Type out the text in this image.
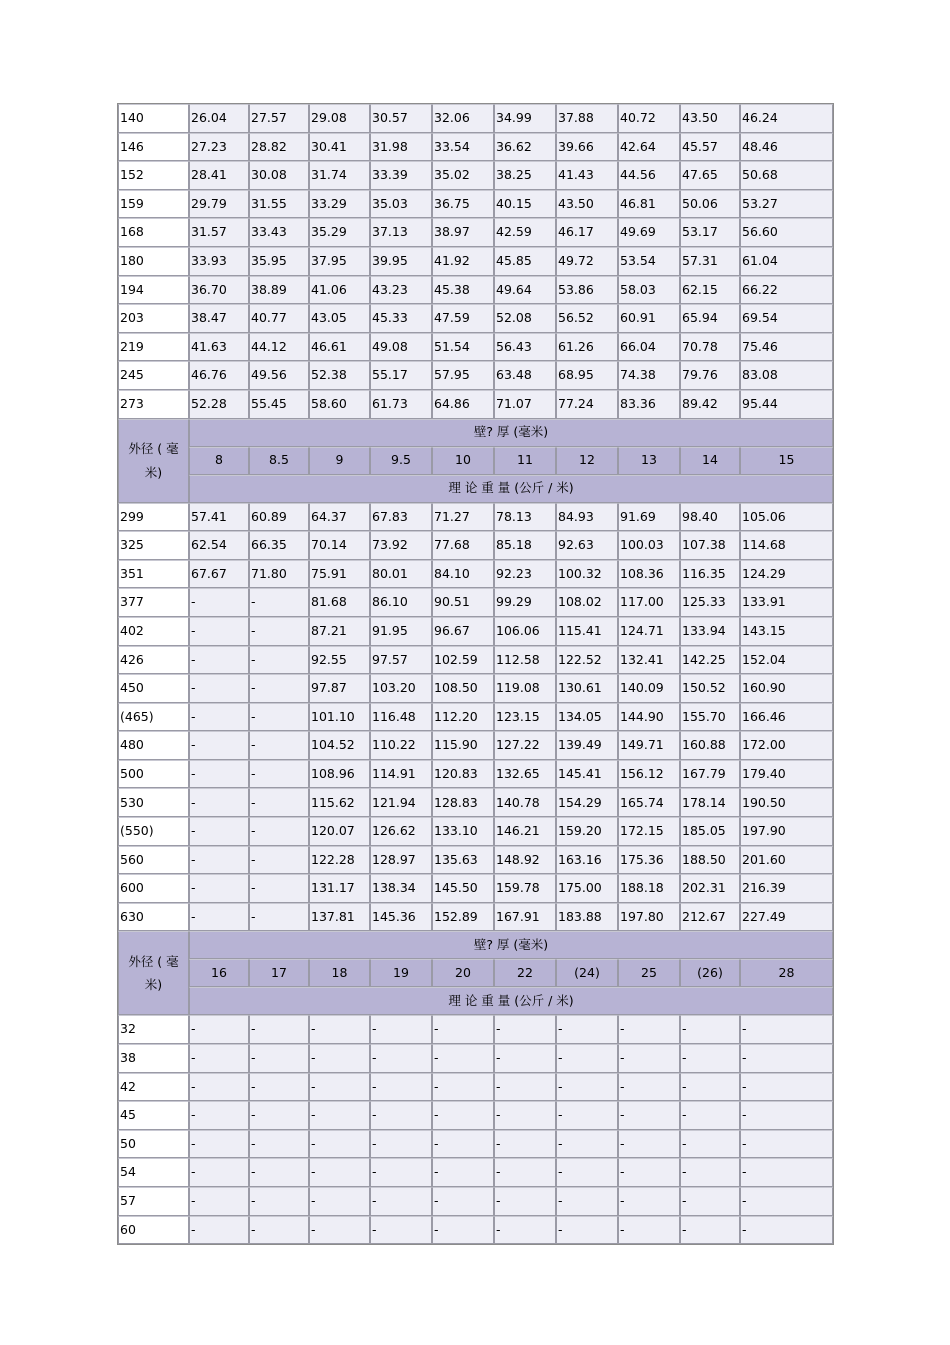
140	26.04	27.57	29.08	30.57	32.06	34.99	37.88	40.72	43.50	46.24
146	27.23	28.82	30.41	31.98	33.54	36.62	39.66	42.64	45.57	48.46
152	28.41	30.08	31.74	33.39	35.02	38.25	41.43	44.56	47.65	50.68
159	29.79	31.55	33.29	35.03	36.75	40.15	43.50	46.81	50.06	53.27
168	31.57	33.43	35.29	37.13	38.97	42.59	46.17	49.69	53.17	56.60
180	33.93	35.95	37.95	39.95	41.92	45.85	49.72	53.54	57.31	61.04
194	36.70	38.89	41.06	43.23	45.38	49.64	53.86	58.03	62.15	66.22
203	38.47	40.77	43.05	45.33	47.59	52.08	56.52	60.91	65.94	69.54
219	41.63	44.12	46.61	49.08	51.54	56.43	61.26	66.04	70.78	75.46
245	46.76	49.56	52.38	55.17	57.95	63.48	68.95	74.38	79.76	83.08
273	52.28	55.45	58.60	61.73	64.86	71.07	77.24	83.36	89.42	95.44
外径 ( 毫米)
壁? 厚 (毫米)
8	8.5	9	9.5	10	11	12	13	14	15
理 论 重 量 (公斤 / 米)
299	57.41	60.89	64.37	67.83	71.27	78.13	84.93	91.69	98.40	105.06
325	62.54	66.35	70.14	73.92	77.68	85.18	92.63	100.03	107.38	114.68
351	67.67	71.80	75.91	80.01	84.10	92.23	100.32	108.36	116.35	124.29
377	-	-	81.68	86.10	90.51	99.29	108.02	117.00	125.33	133.91
402	-	-	87.21	91.95	96.67	106.06	115.41	124.71	133.94	143.15
426	-	-	92.55	97.57	102.59	112.58	122.52	132.41	142.25	152.04
450	-	-	97.87	103.20	108.50	119.08	130.61	140.09	150.52	160.90
(465)	-	-	101.10	116.48	112.20	123.15	134.05	144.90	155.70	166.46
480	-	-	104.52	110.22	115.90	127.22	139.49	149.71	160.88	172.00
500	-	-	108.96	114.91	120.83	132.65	145.41	156.12	167.79	179.40
530	-	-	115.62	121.94	128.83	140.78	154.29	165.74	178.14	190.50
(550)	-	-	120.07	126.62	133.10	146.21	159.20	172.15	185.05	197.90
560	-	-	122.28	128.97	135.63	148.92	163.16	175.36	188.50	201.60
600	-	-	131.17	138.34	145.50	159.78	175.00	188.18	202.31	216.39
630	-	-	137.81	145.36	152.89	167.91	183.88	197.80	212.67	227.49
外径 ( 毫米)
壁? 厚 (毫米)
16	17	18	19	20	22	(24)	25	(26)	28
理 论 重 量 (公斤 / 米)
32	-	-	-	-	-	-	-	-	-	-
38	-	-	-	-	-	-	-	-	-	-
42	-	-	-	-	-	-	-	-	-	-
45	-	-	-	-	-	-	-	-	-	-
50	-	-	-	-	-	-	-	-	-	-
54	-	-	-	-	-	-	-	-	-	-
57	-	-	-	-	-	-	-	-	-	-
60	-	-	-	-	-	-	-	-	-	-
